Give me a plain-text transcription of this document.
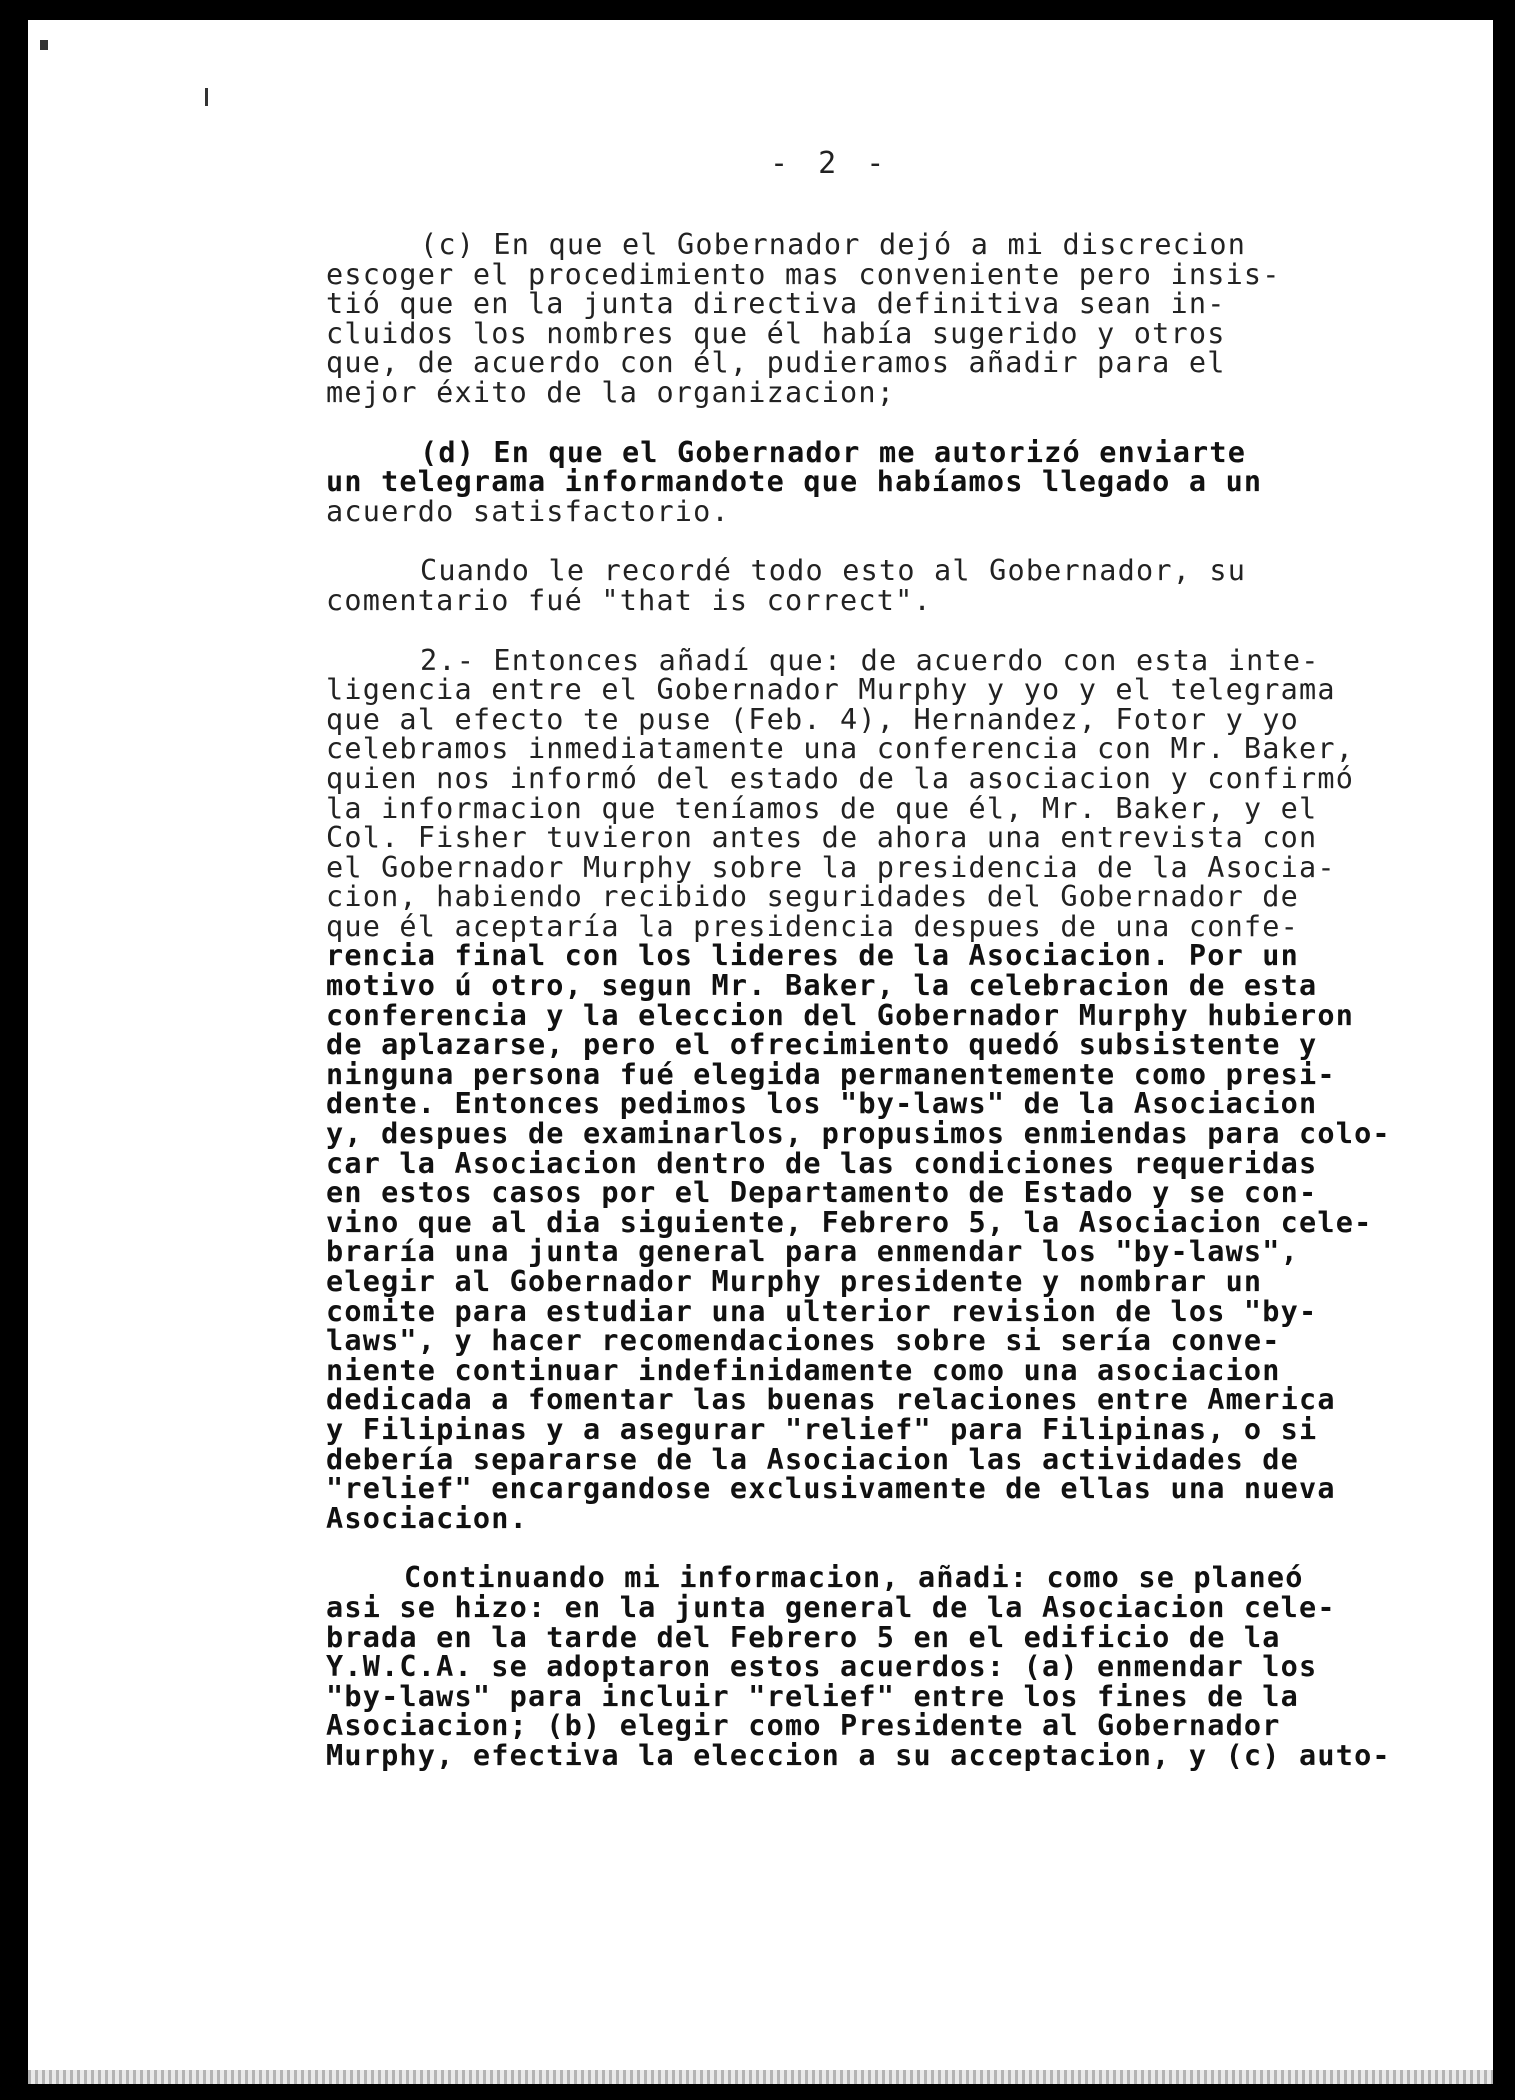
- 2 -
(c) En que el Gobernador dejó a mi discrecion
escoger el procedimiento mas conveniente pero insis-
tió que en la junta directiva definitiva sean in-
cluidos los nombres que él había sugerido y otros
que, de acuerdo con él, pudieramos añadir para el
mejor éxito de la organizacion;
(d) En que el Gobernador me autorizó enviarte
un telegrama informandote que habíamos llegado a un
acuerdo satisfactorio.
Cuando le recordé todo esto al Gobernador, su
comentario fué "that is correct".
2.- Entonces añadí que: de acuerdo con esta inte-
ligencia entre el Gobernador Murphy y yo y el telegrama
que al efecto te puse (Feb. 4), Hernandez, Fotor y yo
celebramos inmediatamente una conferencia con Mr. Baker,
quien nos informó del estado de la asociacion y confirmó
la informacion que teníamos de que él, Mr. Baker, y el
Col. Fisher tuvieron antes de ahora una entrevista con
el Gobernador Murphy sobre la presidencia de la Asocia-
cion, habiendo recibido seguridades del Gobernador de
que él aceptaría la presidencia despues de una confe-
rencia final con los lideres de la Asociacion. Por un
motivo ú otro, segun Mr. Baker, la celebracion de esta
conferencia y la eleccion del Gobernador Murphy hubieron
de aplazarse, pero el ofrecimiento quedó subsistente y
ninguna persona fué elegida permanentemente como presi-
dente. Entonces pedimos los "by-laws" de la Asociacion
y, despues de examinarlos, propusimos enmiendas para colo-
car la Asociacion dentro de las condiciones requeridas
en estos casos por el Departamento de Estado y se con-
vino que al dia siguiente, Febrero 5, la Asociacion cele-
braría una junta general para enmendar los "by-laws",
elegir al Gobernador Murphy presidente y nombrar un
comite para estudiar una ulterior revision de los "by-
laws", y hacer recomendaciones sobre si sería conve-
niente continuar indefinidamente como una asociacion
dedicada a fomentar las buenas relaciones entre America
y Filipinas y a asegurar "relief" para Filipinas, o si
debería separarse de la Asociacion las actividades de
"relief" encargandose exclusivamente de ellas una nueva
Asociacion.
Continuando mi informacion, añadi: como se planeó
asi se hizo: en la junta general de la Asociacion cele-
brada en la tarde del Febrero 5 en el edificio de la
Y.W.C.A. se adoptaron estos acuerdos: (a) enmendar los
"by-laws" para incluir "relief" entre los fines de la
Asociacion; (b) elegir como Presidente al Gobernador
Murphy, efectiva la eleccion a su acceptacion, y (c) auto-
